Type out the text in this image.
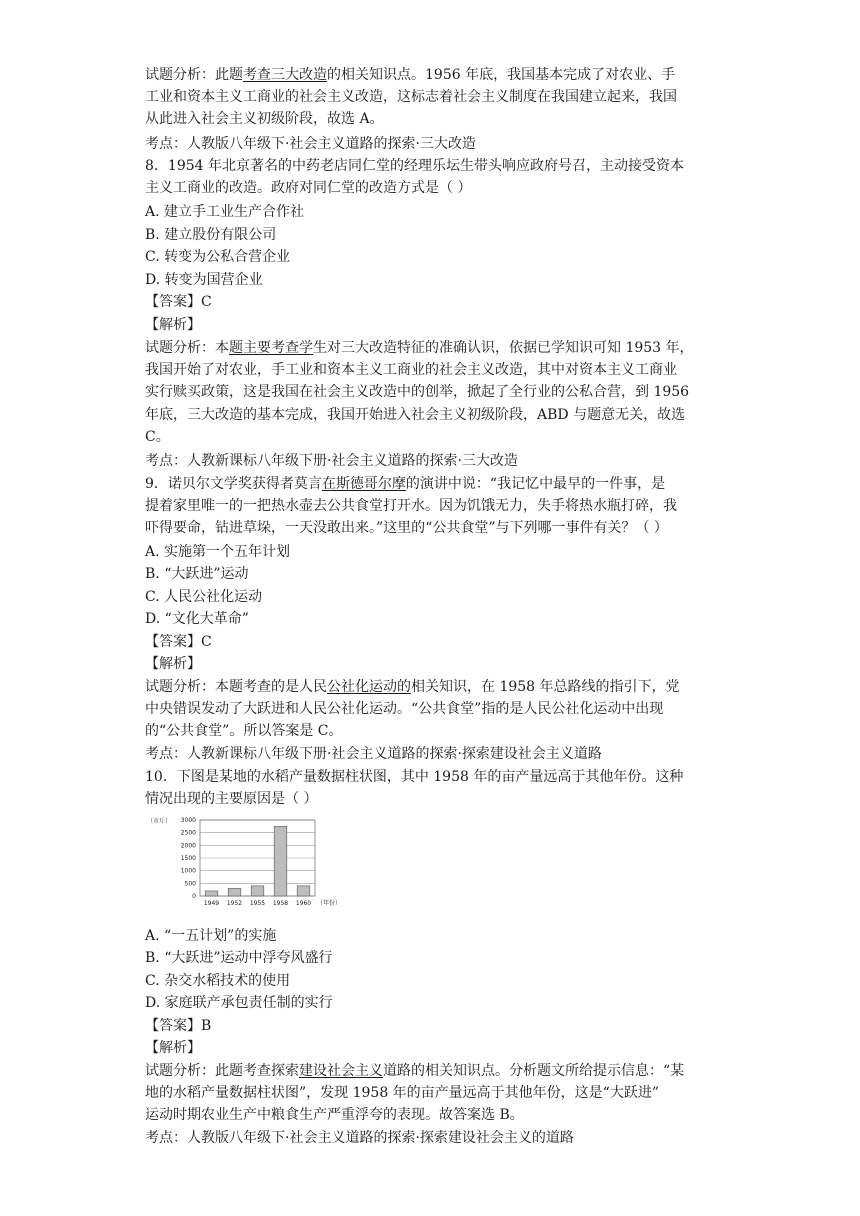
试题分析：此题考查三大改造的相关知识点。1956 年底，我国基本完成了对农业、手
工业和资本主义工商业的社会主义改造，这标志着社会主义制度在我国建立起来，我国
从此进入社会主义初级阶段，故选 A。
考点：人教版八年级下·社会主义道路的探索·三大改造
8．1954 年北京著名的中药老店同仁堂的经理乐坛生带头响应政府号召，主动接受资本
主义工商业的改造。政府对同仁堂的改造方式是（ ）
A. 建立手工业生产合作社
B. 建立股份有限公司
C. 转变为公私合营企业
D. 转变为国营企业
【答案】C
【解析】
试题分析：本题主要考查学生对三大改造特征的准确认识，依据已学知识可知 1953 年，
我国开始了对农业，手工业和资本主义工商业的社会主义改造，其中对资本主义工商业
实行赎买政策，这是我国在社会主义改造中的创举，掀起了全行业的公私合营，到 1956
年底，三大改造的基本完成，我国开始进入社会主义初级阶段，ABD 与题意无关，故选
C。
考点：人教新课标八年级下册·社会主义道路的探索·三大改造
9．诺贝尔文学奖获得者莫言在斯德哥尔摩的演讲中说：“我记忆中最早的一件事，是
提着家里唯一的一把热水壶去公共食堂打开水。因为饥饿无力，失手将热水瓶打碎，我
吓得要命，钻进草垛，一天没敢出来。”这里的“公共食堂”与下列哪一事件有关？（ ）
A. 实施第一个五年计划
B. “大跃进”运动
C. 人民公社化运动
D. “文化大革命”
【答案】C
【解析】
试题分析：本题考查的是人民公社化运动的相关知识，在 1958 年总路线的指引下，党
中央错误发动了大跃进和人民公社化运动。“公共食堂”指的是人民公社化运动中出现
的“公共食堂”。所以答案是 C。
考点：人教新课标八年级下册·社会主义道路的探索·探索建设社会主义道路
10．下图是某地的水稻产量数据柱状图，其中 1958 年的亩产量远高于其他年份。这种
情况出现的主要原因是（ ）
（市斤）
0
500
1000
1500
2000
2500
3000
1949 1952 1955 1958 1960 （年份）
A. “一五计划”的实施
B. “大跃进”运动中浮夸风盛行
C. 杂交水稻技术的使用
D. 家庭联产承包责任制的实行
【答案】B
【解析】
试题分析：此题考查探索建设社会主义道路的相关知识点。分析题文所给提示信息：“某
地的水稻产量数据柱状图”，发现 1958 年的亩产量远高于其他年份，这是“大跃进”
运动时期农业生产中粮食生产严重浮夸的表现。故答案选 B。
考点：人教版八年级下·社会主义道路的探索·探索建设社会主义的道路
